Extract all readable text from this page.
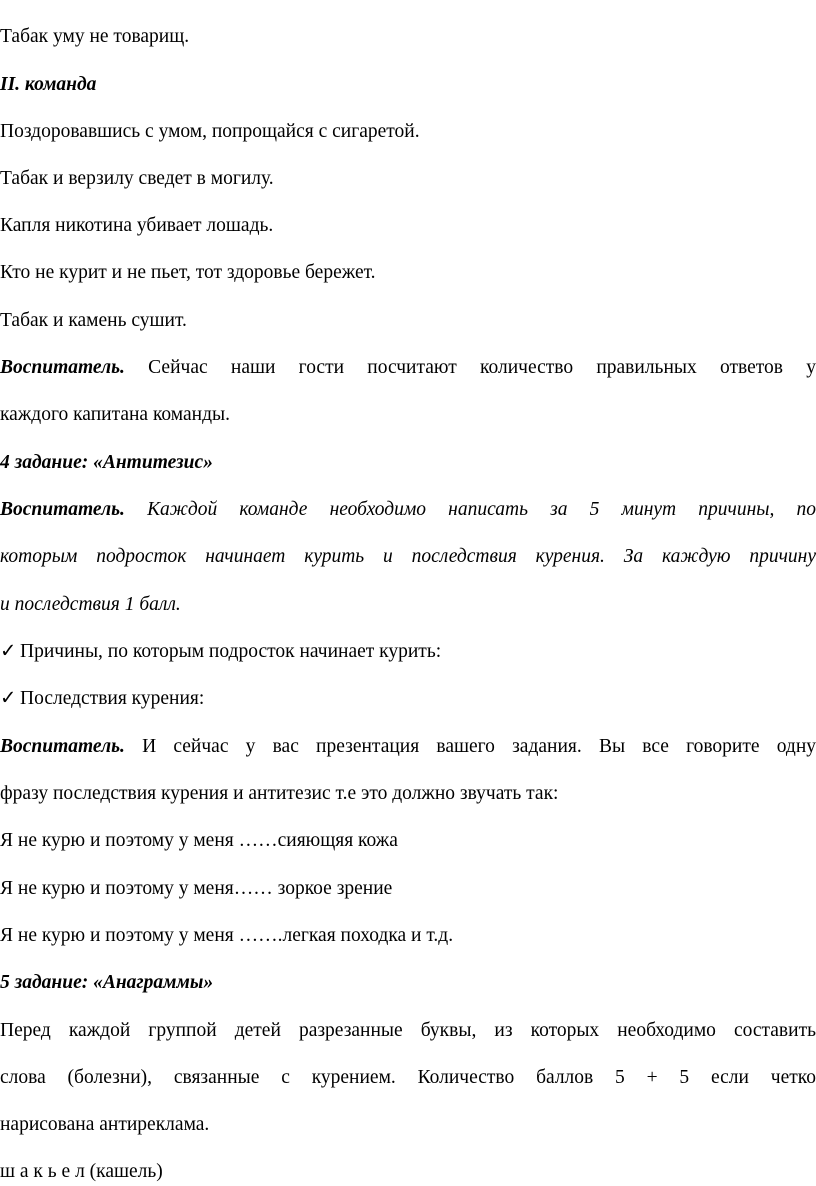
Табак уму не товарищ.

II. команда

Поздоровавшись с умом, попрощайся с сигаретой.

Табак и верзилу сведет в могилу.

Капля никотина убивает лошадь.

Кто не курит и не пьет, тот здоровье бережет.

Табак и камень сушит.

Воспитатель. Сейчас наши гости посчитают количество правильных ответов у

каждого капитана команды.

4 задание: «Антитезис»

Воспитатель. Каждой команде необходимо написать за 5 минут причины, по

которым подросток начинает курить и последствия курения. За каждую причину

и последствия 1 балл.

✓ Причины, по которым подросток начинает курить:

✓ Последствия курения:

Воспитатель. И сейчас у вас презентация вашего задания. Вы все говорите одну

фразу последствия курения и антитезис т.е это должно звучать так:

Я не курю и поэтому у меня ……сияющяя кожа

Я не курю и поэтому у меня…… зоркое зрение

Я не курю и поэтому у меня …….легкая походка и т.д.

5 задание: «Анаграммы»

Перед каждой группой детей разрезанные буквы, из которых необходимо составить

слова (болезни), связанные с курением. Количество баллов 5 + 5 если четко

нарисована антиреклама.

ш а к ь е л (кашель)
